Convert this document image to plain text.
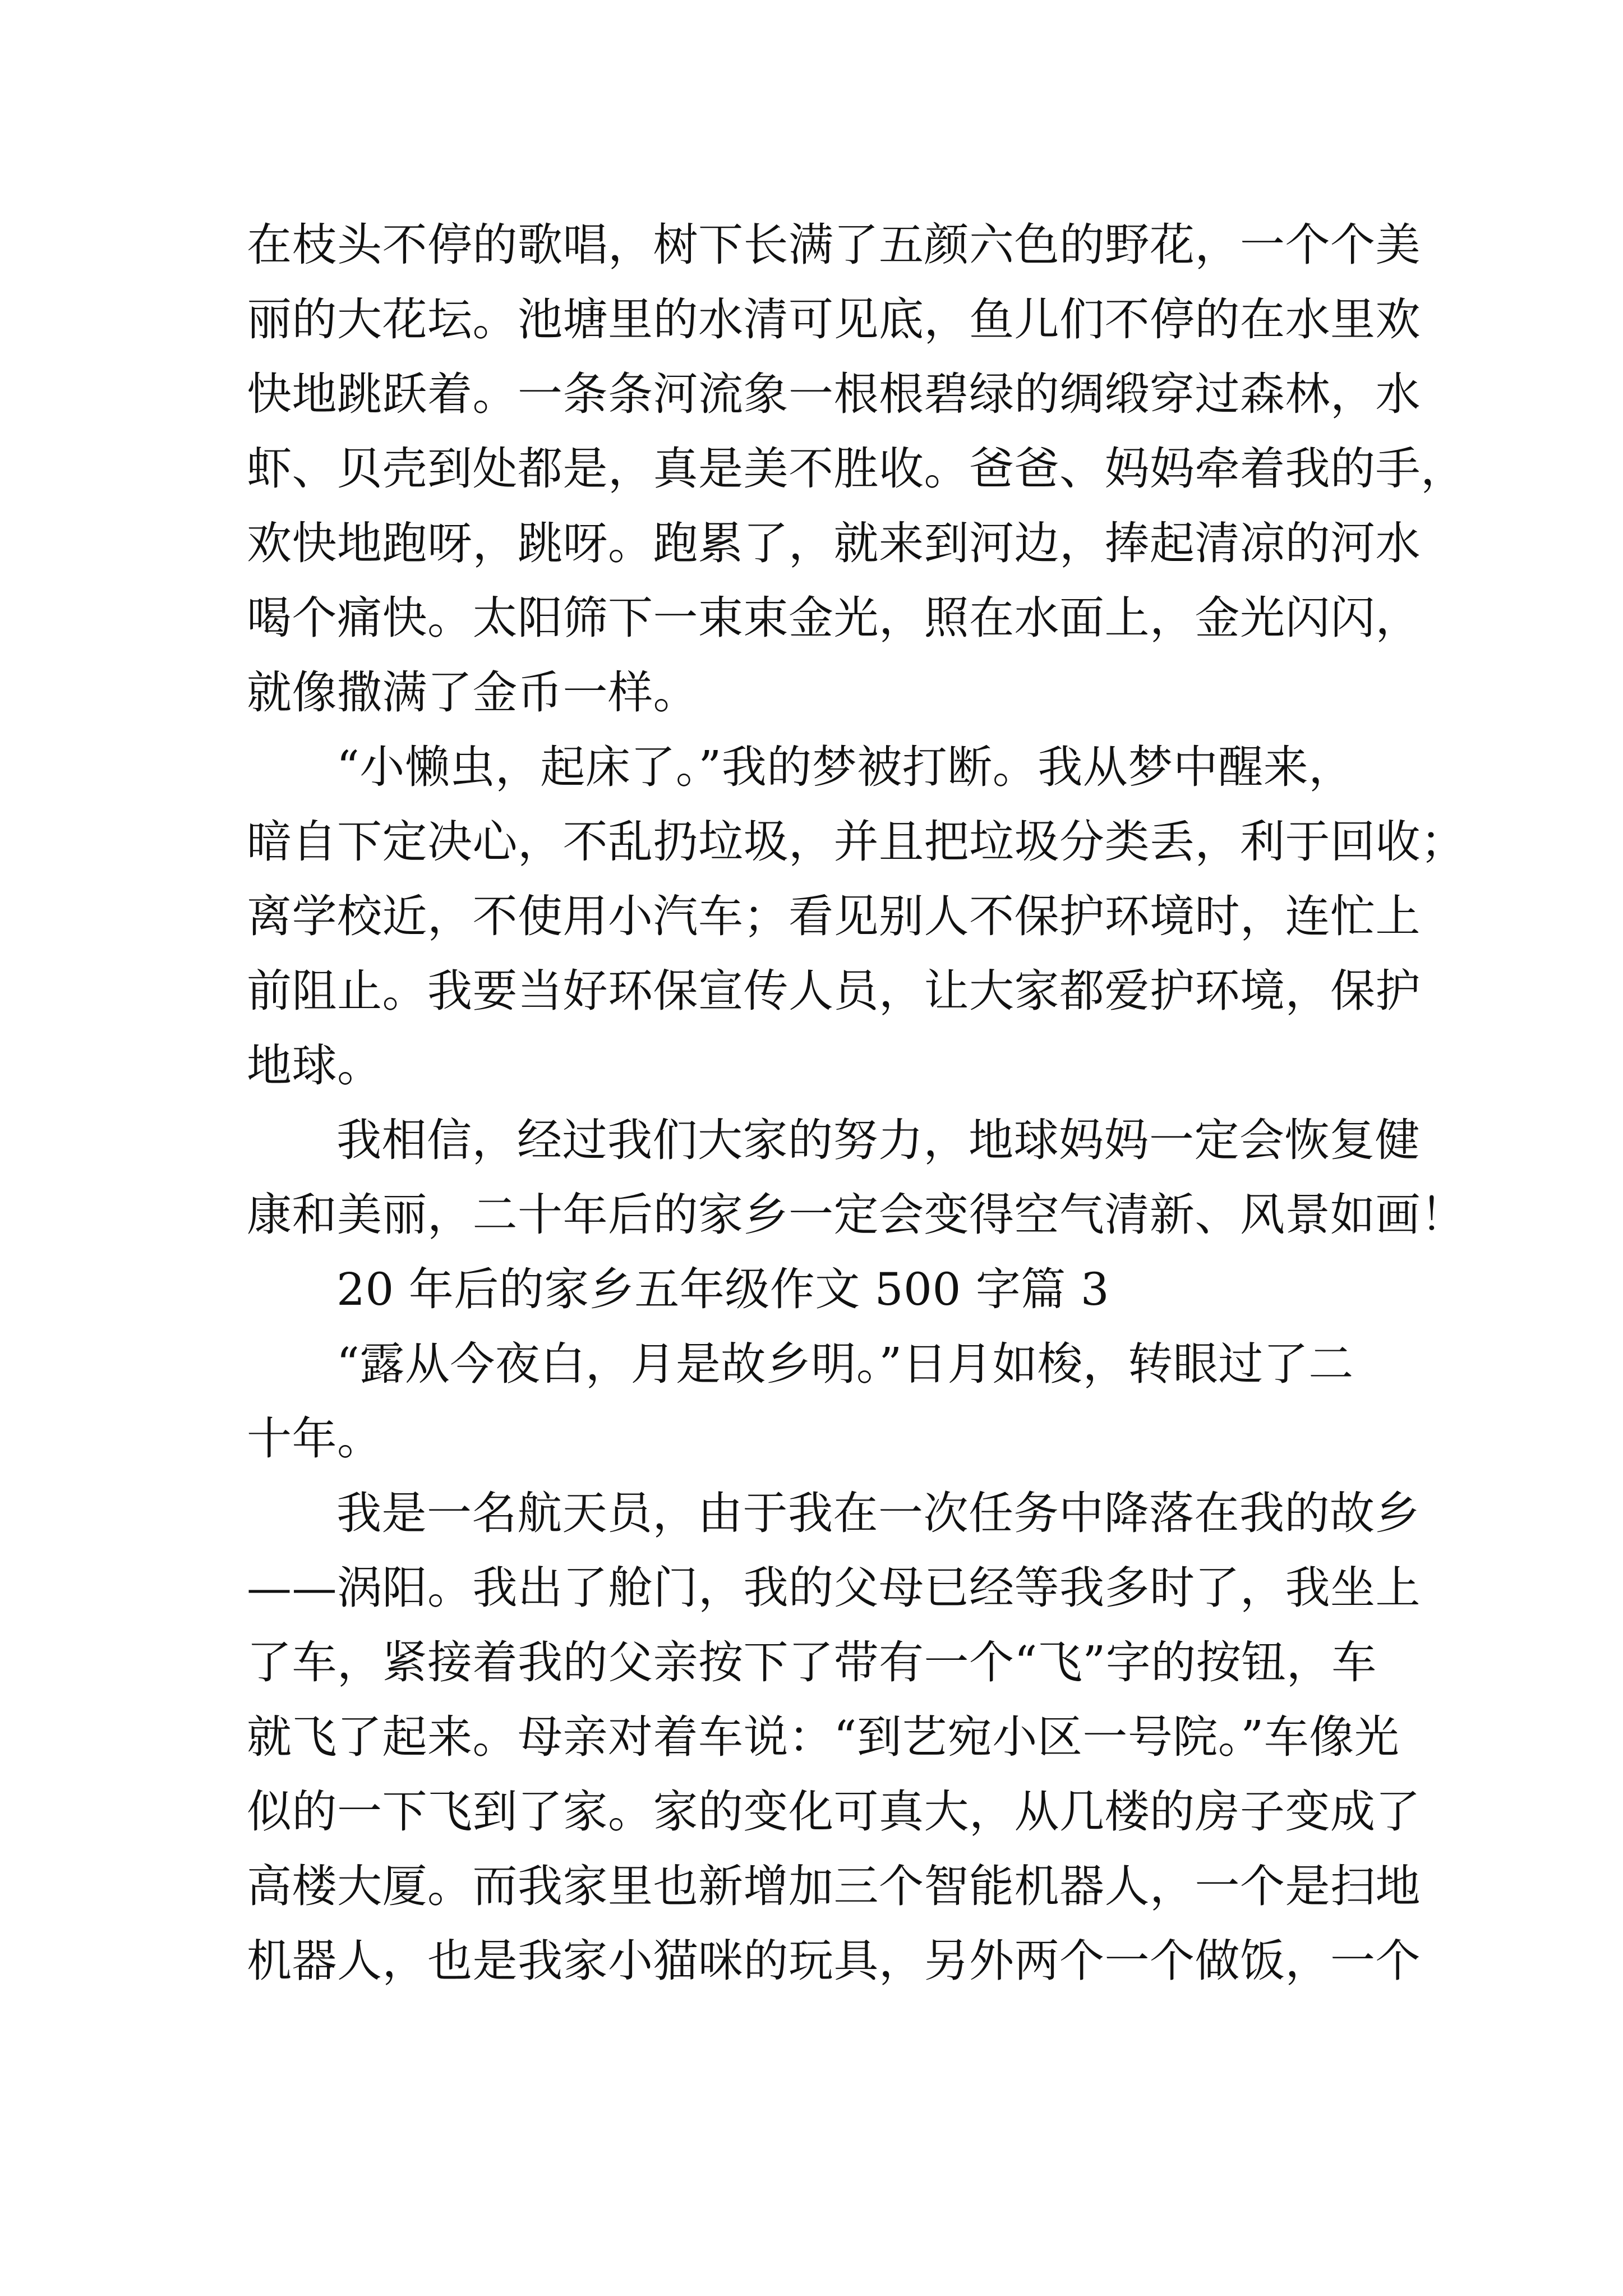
在枝头不停的歌唱，树下长满了五颜六色的野花，一个个美
丽的大花坛。池塘里的水清可见底，鱼儿们不停的在水里欢
快地跳跃着。一条条河流象一根根碧绿的绸缎穿过森林，水
虾、贝壳到处都是，真是美不胜收。爸爸、妈妈牵着我的手，
欢快地跑呀，跳呀。跑累了，就来到河边，捧起清凉的河水
喝个痛快。太阳筛下一束束金光，照在水面上，金光闪闪，
就像撒满了金币一样。
“小懒虫，起床了。”我的梦被打断。我从梦中醒来，
暗自下定决心，不乱扔垃圾，并且把垃圾分类丢，利于回收；
离学校近，不使用小汽车；看见别人不保护环境时，连忙上
前阻止。我要当好环保宣传人员，让大家都爱护环境，保护
地球。
我相信，经过我们大家的努力，地球妈妈一定会恢复健
康和美丽，二十年后的家乡一定会变得空气清新、风景如画！
20 年后的家乡五年级作文 500 字篇 3
“露从今夜白，月是故乡明。”日月如梭，转眼过了二
十年。
我是一名航天员，由于我在一次任务中降落在我的故乡
——涡阳。我出了舱门，我的父母已经等我多时了，我坐上
了车，紧接着我的父亲按下了带有一个“飞”字的按钮，车
就飞了起来。母亲对着车说：“到艺宛小区一号院。”车像光
似的一下飞到了家。家的变化可真大，从几楼的房子变成了
高楼大厦。而我家里也新增加三个智能机器人，一个是扫地
机器人，也是我家小猫咪的玩具，另外两个一个做饭，一个
